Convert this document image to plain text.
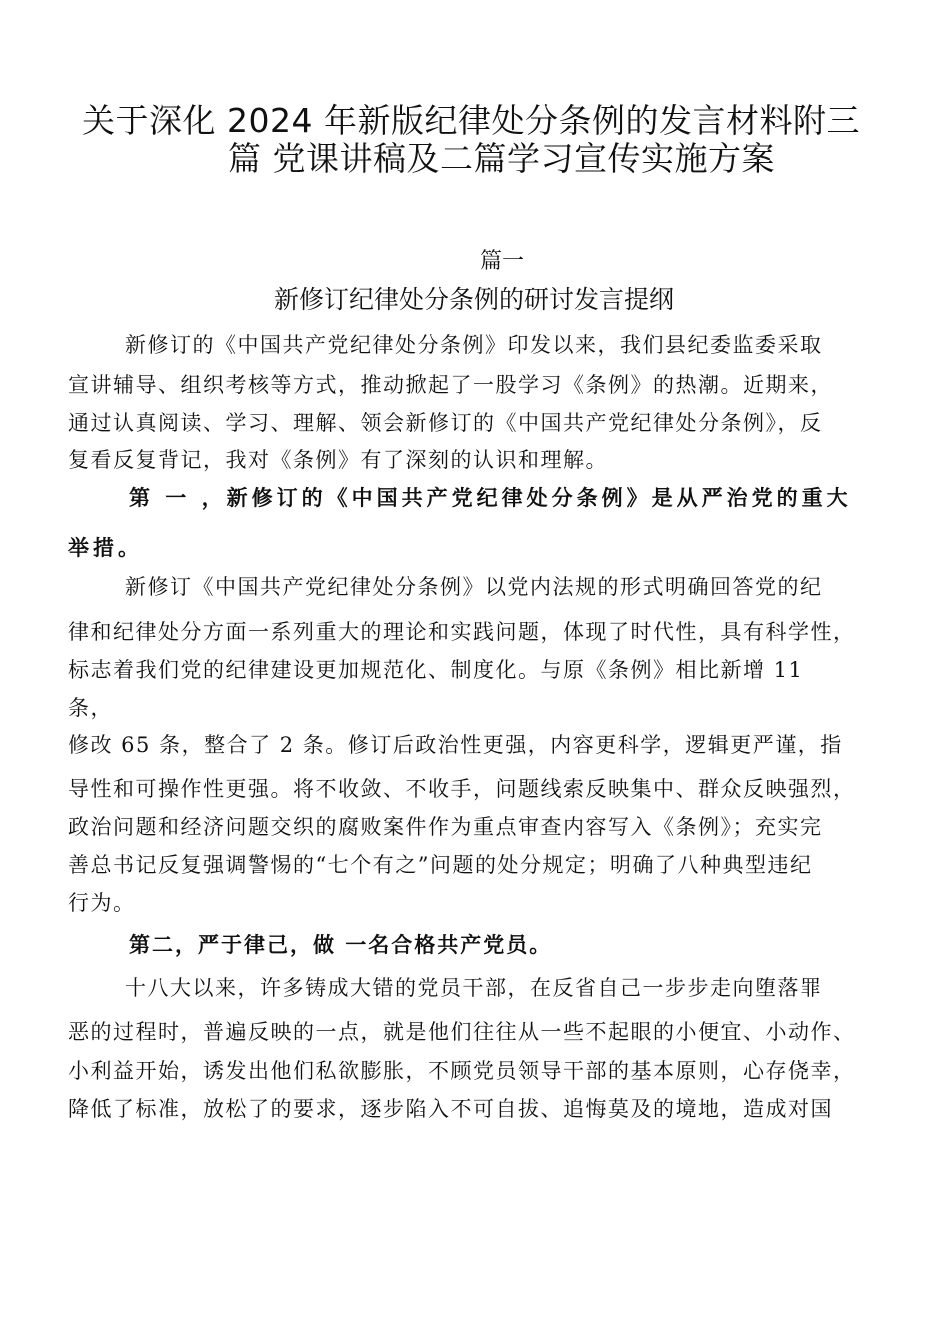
关于深化 2024 年新版纪律处分条例的发言材料附三
篇 党课讲稿及二篇学习宣传实施方案
篇一
新修订纪律处分条例的研讨发言提纲
新修订的《中国共产党纪律处分条例》印发以来，我们县纪委监委采取
宣讲辅导、组织考核等方式，推动掀起了一股学习《条例》的热潮。近期来，
通过认真阅读、学习、理解、领会新修订的《中国共产党纪律处分条例》，反
复看反复背记，我对《条例》有了深刻的认识和理解。
第 一 ，新修订的《中国共产党纪律处分条例》是从严治党的重大
举措。
新修订《中国共产党纪律处分条例》以党内法规的形式明确回答党的纪
律和纪律处分方面一系列重大的理论和实践问题，体现了时代性，具有科学性，
标志着我们党的纪律建设更加规范化、制度化。与原《条例》相比新增 11
条，
修改 65 条，整合了 2 条。修订后政治性更强，内容更科学，逻辑更严谨，指
导性和可操作性更强。将不收敛、不收手，问题线索反映集中、群众反映强烈，
政治问题和经济问题交织的腐败案件作为重点审查内容写入《条例》；充实完
善总书记反复强调警惕的“七个有之”问题的处分规定；明确了八种典型违纪
行为。
第二，严于律己，做 一名合格共产党员。
十八大以来，许多铸成大错的党员干部，在反省自己一步步走向堕落罪
恶的过程时，普遍反映的一点，就是他们往往从一些不起眼的小便宜、小动作、
小利益开始，诱发出他们私欲膨胀，不顾党员领导干部的基本原则，心存侥幸，
降低了标准，放松了的要求，逐步陷入不可自拔、追悔莫及的境地，造成对国
